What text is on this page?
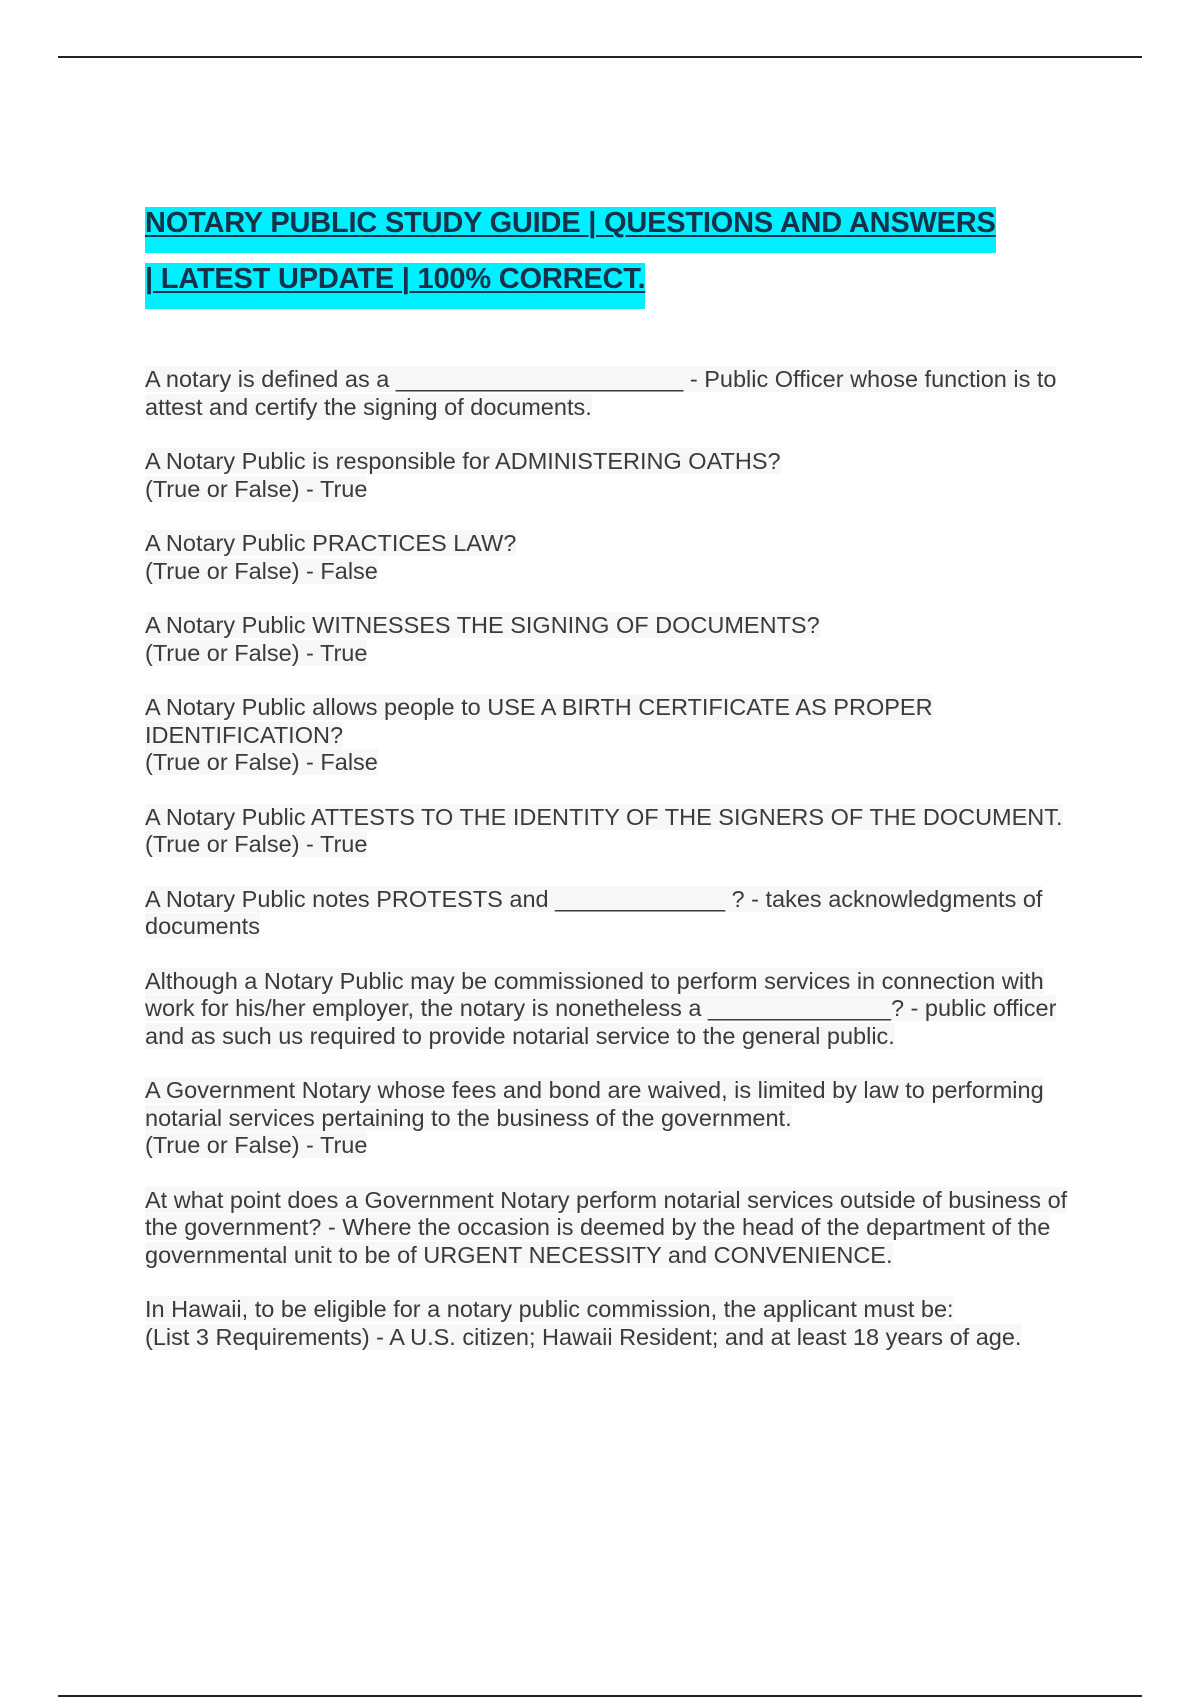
NOTARY PUBLIC STUDY GUIDE | QUESTIONS AND ANSWERS
| LATEST UPDATE | 100% CORRECT.

A notary is defined as a ______________________ - Public Officer whose function is to attest and certify the signing of documents.

A Notary Public is responsible for ADMINISTERING OATHS?
(True or False) - True

A Notary Public PRACTICES LAW?
(True or False) - False

A Notary Public WITNESSES THE SIGNING OF DOCUMENTS?
(True or False) - True

A Notary Public allows people to USE A BIRTH CERTIFICATE AS PROPER IDENTIFICATION?
(True or False) - False

A Notary Public ATTESTS TO THE IDENTITY OF THE SIGNERS OF THE DOCUMENT.
(True or False) - True

A Notary Public notes PROTESTS and _____________ ? - takes acknowledgments of documents

Although a Notary Public may be commissioned to perform services in connection with work for his/her employer, the notary is nonetheless a ______________? - public officer and as such us required to provide notarial service to the general public.

A Government Notary whose fees and bond are waived, is limited by law to performing notarial services pertaining to the business of the government.
(True or False) - True

At what point does a Government Notary perform notarial services outside of business of the government? - Where the occasion is deemed by the head of the department of the governmental unit to be of URGENT NECESSITY and CONVENIENCE.

In Hawaii, to be eligible for a notary public commission, the applicant must be:
(List 3 Requirements) - A U.S. citizen; Hawaii Resident; and at least 18 years of age.
